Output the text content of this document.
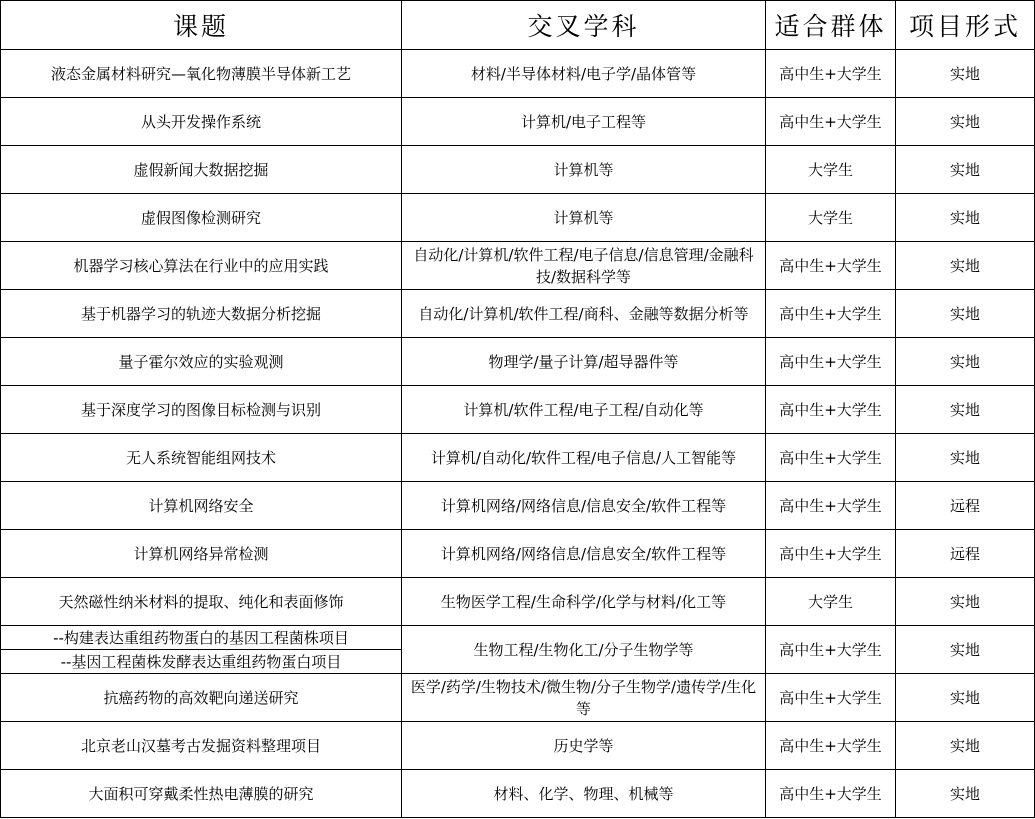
课题	交叉学科	适合群体	项目形式
液态金属材料研究—氧化物薄膜半导体新工艺	材料/半导体材料/电子学/晶体管等	高中生+大学生	实地
从头开发操作系统	计算机/电子工程等	高中生+大学生	实地
虚假新闻大数据挖掘	计算机等	大学生	实地
虚假图像检测研究	计算机等	大学生	实地
机器学习核心算法在行业中的应用实践	自动化/计算机/软件工程/电子信息/信息管理/金融科技/数据科学等	高中生+大学生	实地
基于机器学习的轨迹大数据分析挖掘	自动化/计算机/软件工程/商科、金融等数据分析等	高中生+大学生	实地
量子霍尔效应的实验观测	物理学/量子计算/超导器件等	高中生+大学生	实地
基于深度学习的图像目标检测与识别	计算机/软件工程/电子工程/自动化等	高中生+大学生	实地
无人系统智能组网技术	计算机/自动化/软件工程/电子信息/人工智能等	高中生+大学生	实地
计算机网络安全	计算机网络/网络信息/信息安全/软件工程等	高中生+大学生	远程
计算机网络异常检测	计算机网络/网络信息/信息安全/软件工程等	高中生+大学生	远程
天然磁性纳米材料的提取、纯化和表面修饰	生物医学工程/生命科学/化学与材料/化工等	大学生	实地
--构建表达重组药物蛋白的基因工程菌株项目	生物工程/生物化工/分子生物学等	高中生+大学生	实地
--基因工程菌株发酵表达重组药物蛋白项目			
抗癌药物的高效靶向递送研究	医学/药学/生物技术/微生物/分子生物学/遗传学/生化等	高中生+大学生	实地
北京老山汉墓考古发掘资料整理项目	历史学等	高中生+大学生	实地
大面积可穿戴柔性热电薄膜的研究	材料、化学、物理、机械等	高中生+大学生	实地
